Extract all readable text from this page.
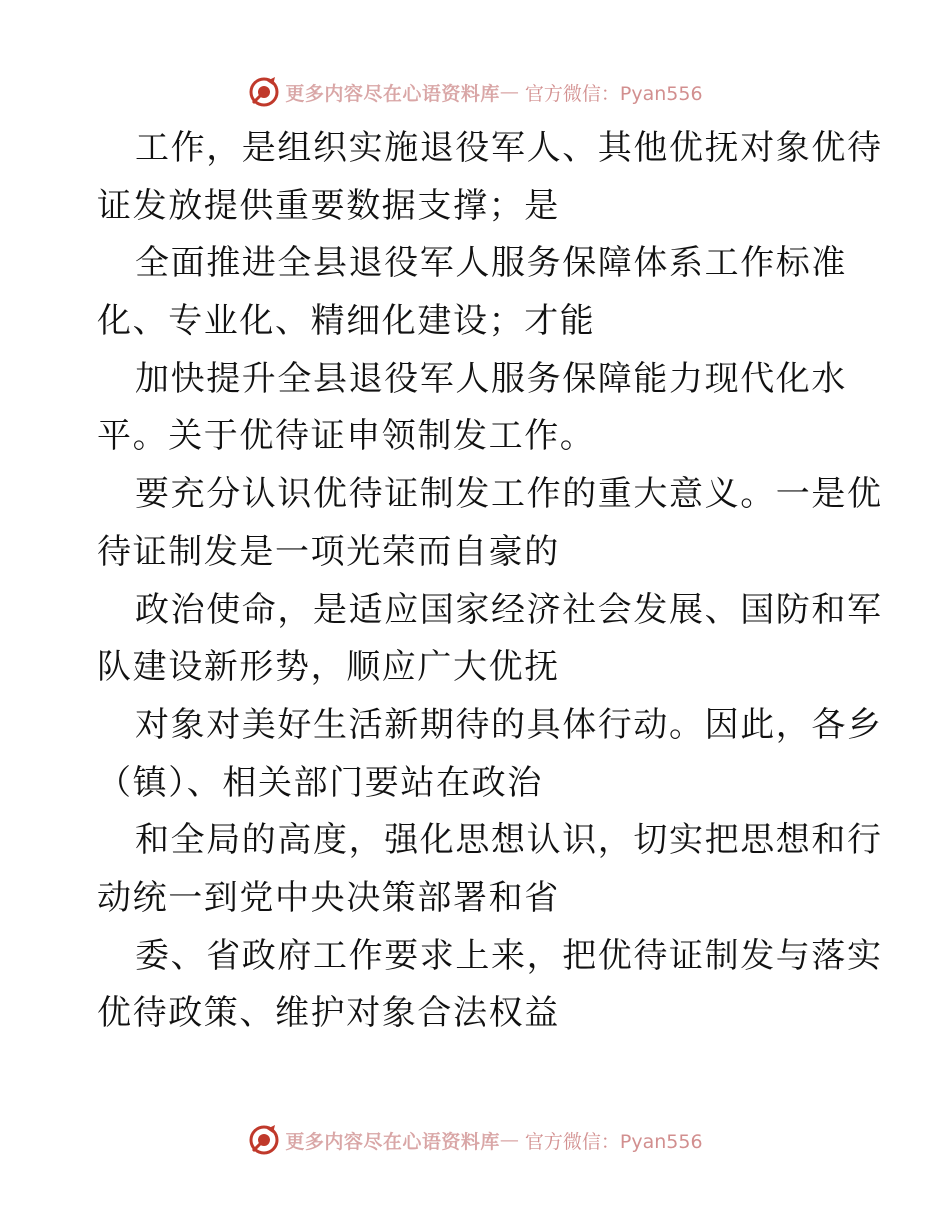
更多内容尽在心语资料库 — 官方微信：Pyan556
工作，是组织实施退役军人、其他优抚对象优待
证发放提供重要数据支撑；是
全面推进全县退役军人服务保障体系工作标准
化、专业化、精细化建设；才能
加快提升全县退役军人服务保障能力现代化水
平。关于优待证申领制发工作。
要充分认识优待证制发工作的重大意义。一是优
待证制发是一项光荣而自豪的
政治使命，是适应国家经济社会发展、国防和军
队建设新形势，顺应广大优抚
对象对美好生活新期待的具体行动。因此，各乡
（镇）、相关部门要站在政治
和全局的高度，强化思想认识，切实把思想和行
动统一到党中央决策部署和省
委、省政府工作要求上来，把优待证制发与落实
优待政策、维护对象合法权益
更多内容尽在心语资料库 — 官方微信：Pyan556
